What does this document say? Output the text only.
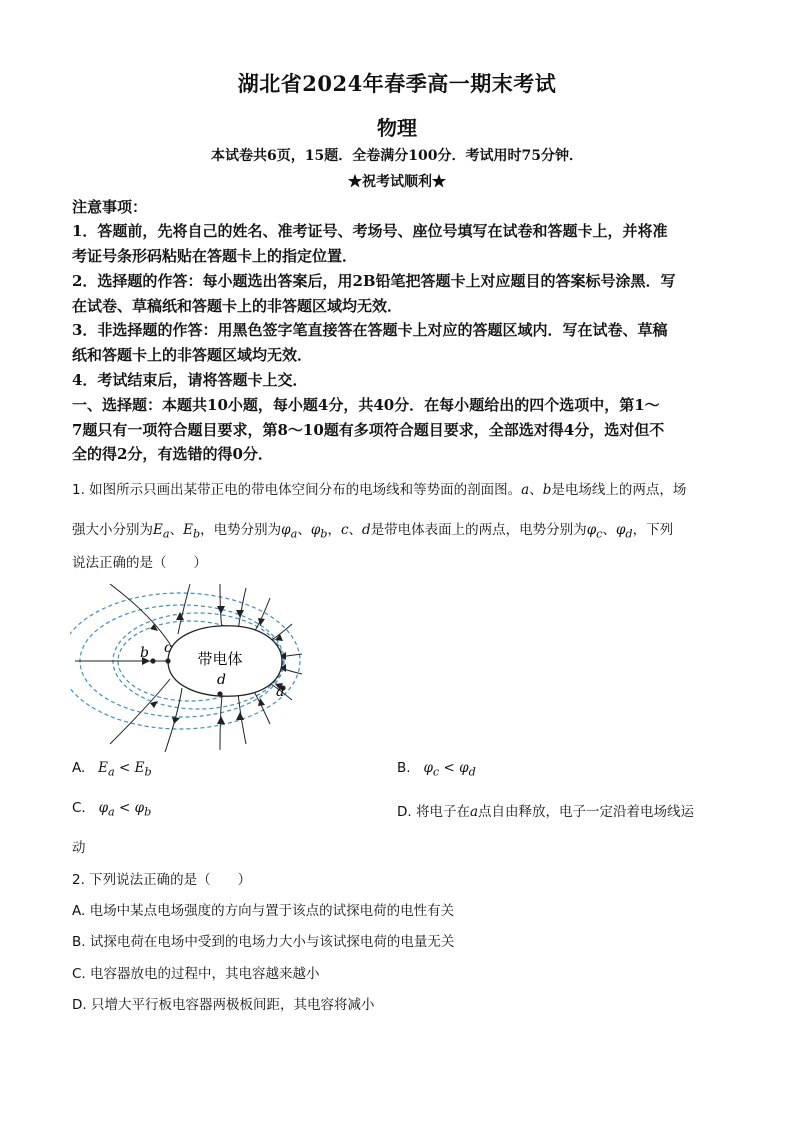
湖北省2024年春季高一期末考试
物理
本试卷共6页，15题．全卷满分100分．考试用时75分钟．
★祝考试顺利★
注意事项：
1．答题前，先将自己的姓名、准考证号、考场号、座位号填写在试卷和答题卡上，并将准
考证号条形码粘贴在答题卡上的指定位置．
2．选择题的作答：每小题选出答案后，用2B铅笔把答题卡上对应题目的答案标号涂黑．写
在试卷、草稿纸和答题卡上的非答题区域均无效．
3．非选择题的作答：用黑色签字笔直接答在答题卡上对应的答题区域内．写在试卷、草稿
纸和答题卡上的非答题区域均无效．
4．考试结束后，请将答题卡上交．
一、选择题：本题共10小题，每小题4分，共40分．在每小题给出的四个选项中，第1～
7题只有一项符合题目要求，第8～10题有多项符合题目要求，全部选对得4分，选对但不
全的得2分，有选错的得0分．
1. 如图所示只画出某带正电的带电体空间分布的电场线和等势面的剖面图。a、b是电场线上的两点，场
强大小分别为$E_a$、$E_b$，电势分别为$\varphi_a$、$\varphi_b$，c、d是带电体表面上的两点，电势分别为$\varphi_c$、$\varphi_d$，下列
说法正确的是（　　）
带电体
b c
d
a
A. $E_a < E_b$	B. $\varphi_c < \varphi_d$
C. $\varphi_a < \varphi_b$	D. 将电子在a点自由释放，电子一定沿着电场线运
动
2. 下列说法正确的是（　　）
A. 电场中某点电场强度的方向与置于该点的试探电荷的电性有关
B. 试探电荷在电场中受到的电场力大小与该试探电荷的电量无关
C. 电容器放电的过程中，其电容越来越小
D. 只增大平行板电容器两极板间距，其电容将减小
